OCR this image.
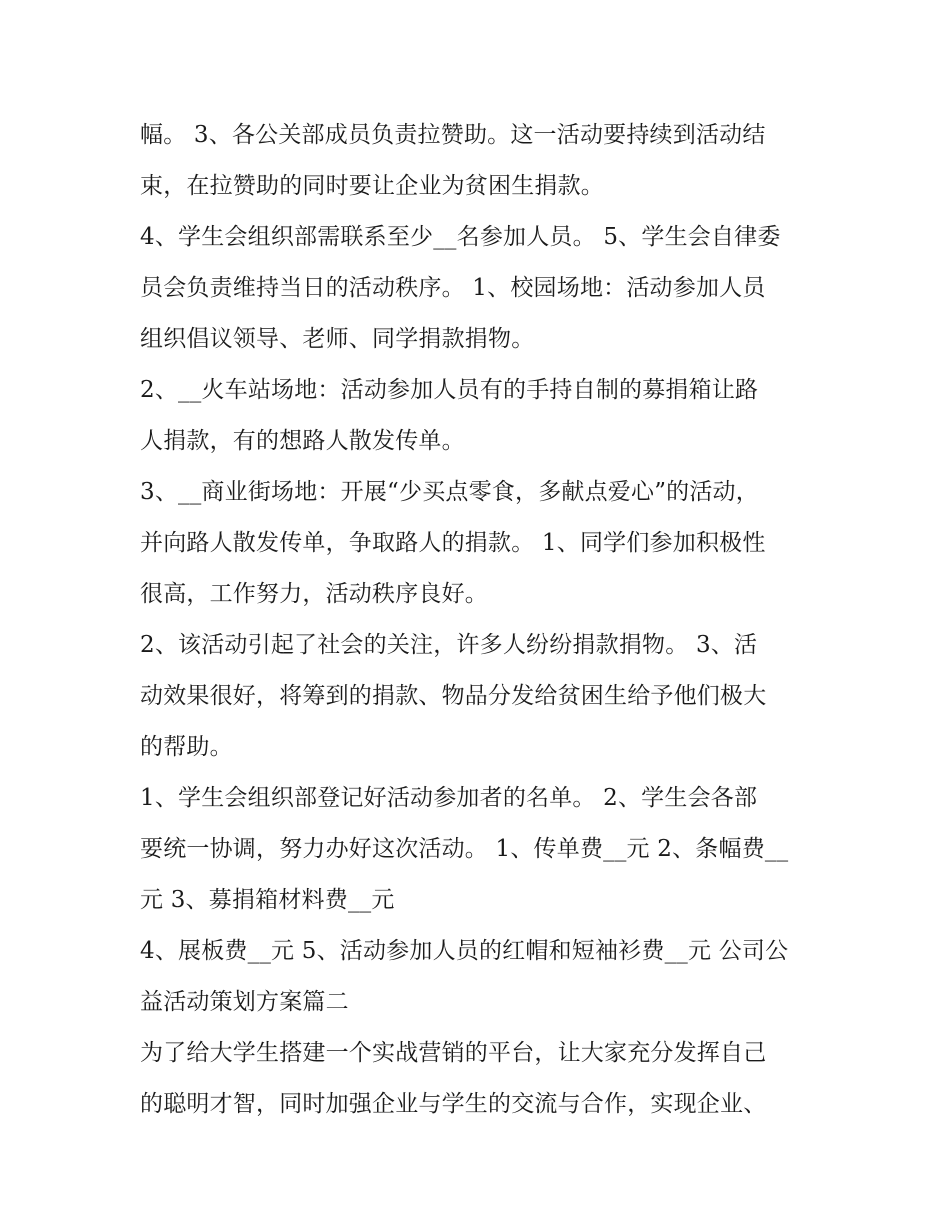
幅。 3、各公关部成员负责拉赞助。这一活动要持续到活动结

束，在拉赞助的同时要让企业为贫困生捐款。

4、学生会组织部需联系至少__名参加人员。 5、学生会自律委

员会负责维持当日的活动秩序。 1、校园场地：活动参加人员

组织倡议领导、老师、同学捐款捐物。

2、__火车站场地：活动参加人员有的手持自制的募捐箱让路

人捐款，有的想路人散发传单。

3、__商业街场地：开展“少买点零食，多献点爱心”的活动，

并向路人散发传单，争取路人的捐款。 1、同学们参加积极性

很高，工作努力，活动秩序良好。

2、该活动引起了社会的关注，许多人纷纷捐款捐物。 3、活

动效果很好，将筹到的捐款、物品分发给贫困生给予他们极大

的帮助。

1、学生会组织部登记好活动参加者的名单。 2、学生会各部

要统一协调，努力办好这次活动。 1、传单费__元 2、条幅费__

元 3、募捐箱材料费__元

4、展板费__元 5、活动参加人员的红帽和短袖衫费__元 公司公

益活动策划方案篇二

为了给大学生搭建一个实战营销的平台，让大家充分发挥自己

的聪明才智，同时加强企业与学生的交流与合作，实现企业、
